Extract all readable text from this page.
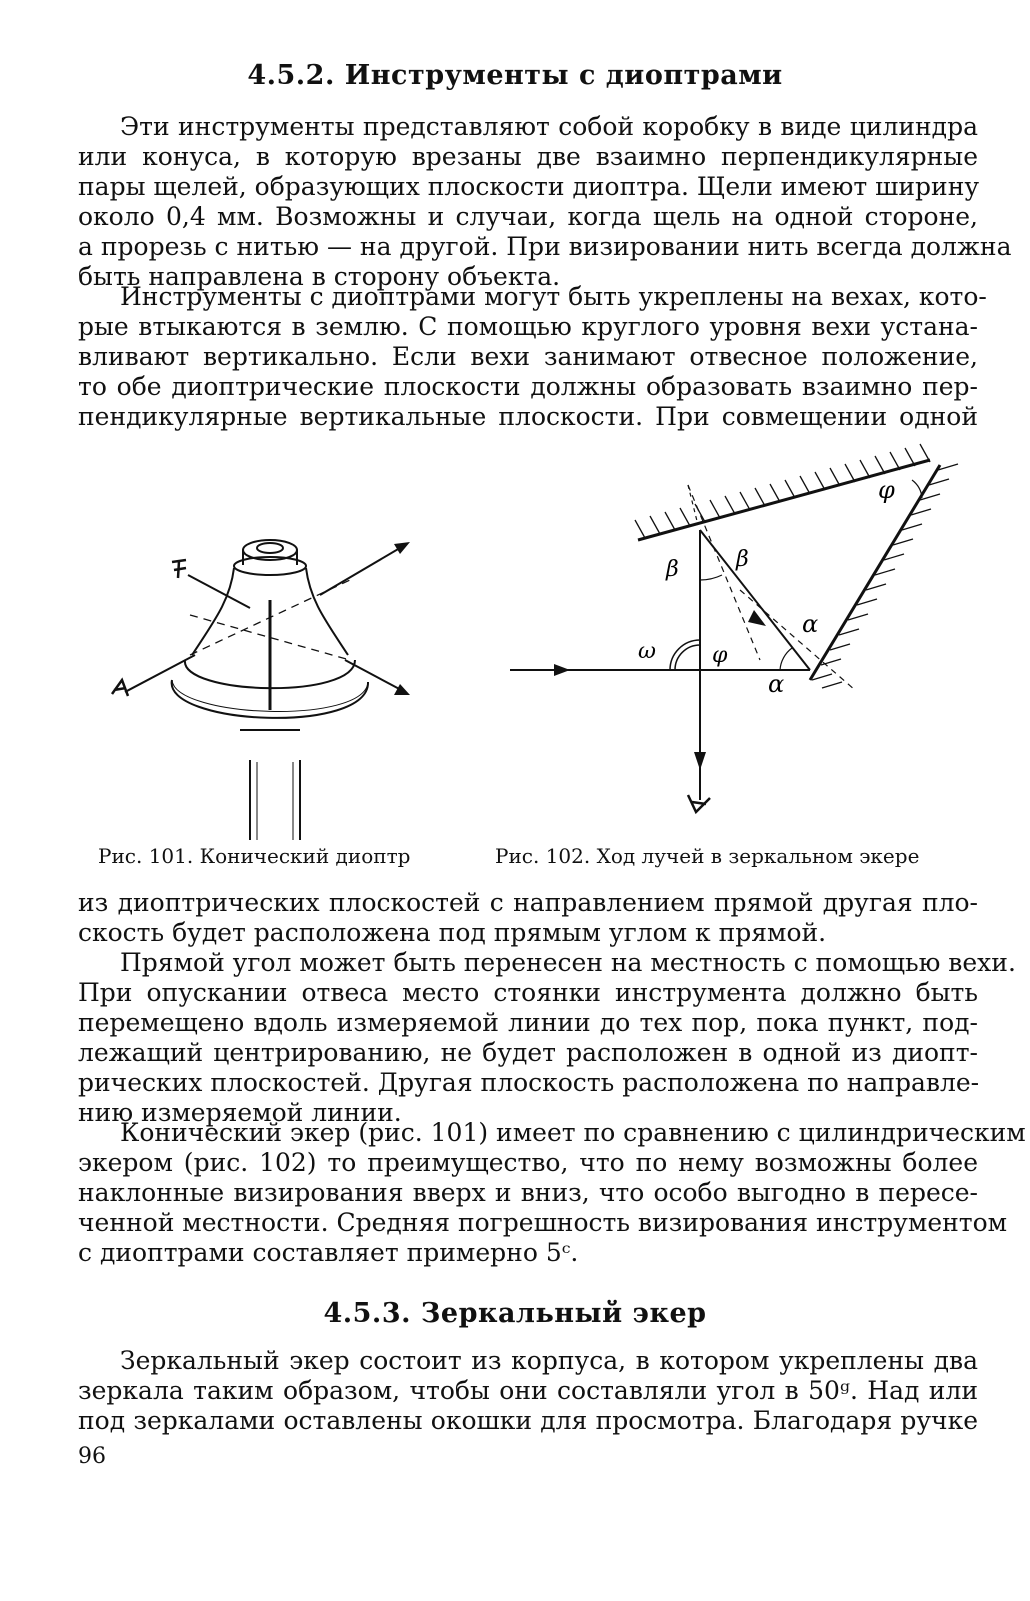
4.5.2. Инструменты с диоптрами
Эти инструменты представляют собой коробку в виде цилиндра
или конуса, в которую врезаны две взаимно перпендикулярные
пары щелей, образующих плоскости диоптра. Щели имеют ширину
около 0,4 мм. Возможны и случаи, когда щель на одной стороне,
а прорезь с нитью — на другой. При визировании нить всегда должна
быть направлена в сторону объекта.
Инструменты с диоптрами могут быть укреплены на вехах, кото-
рые втыкаются в землю. С помощью круглого уровня вехи устана-
вливают вертикально. Если вехи занимают отвесное положение,
то обе диоптрические плоскости должны образовать взаимно пер-
пендикулярные вертикальные плоскости. При совмещении одной
φ
β	β
α
α
ω	φ
Рис. 101. Конический диоптр	Рис. 102. Ход лучей в зеркальном экере
из диоптрических плоскостей с направлением прямой другая пло-
скость будет расположена под прямым углом к прямой.
Прямой угол может быть перенесен на местность с помощью вехи.
При опускании отвеса место стоянки инструмента должно быть
перемещено вдоль измеряемой линии до тех пор, пока пункт, под-
лежащий центрированию, не будет расположен в одной из диопт-
рических плоскостей. Другая плоскость расположена по направле-
нию измеряемой линии.
Конический экер (рис. 101) имеет по сравнению с цилиндрическим
экером (рис. 102) то преимущество, что по нему возможны более
наклонные визирования вверх и вниз, что особо выгодно в пересе-
ченной местности. Средняя погрешность визирования инструментом
с диоптрами составляет примерно 5ᶜ.
4.5.3. Зеркальный экер
Зеркальный экер состоит из корпуса, в котором укреплены два
зеркала таким образом, чтобы они составляли угол в 50ᵍ. Над или
под зеркалами оставлены окошки для просмотра. Благодаря ручке
96
